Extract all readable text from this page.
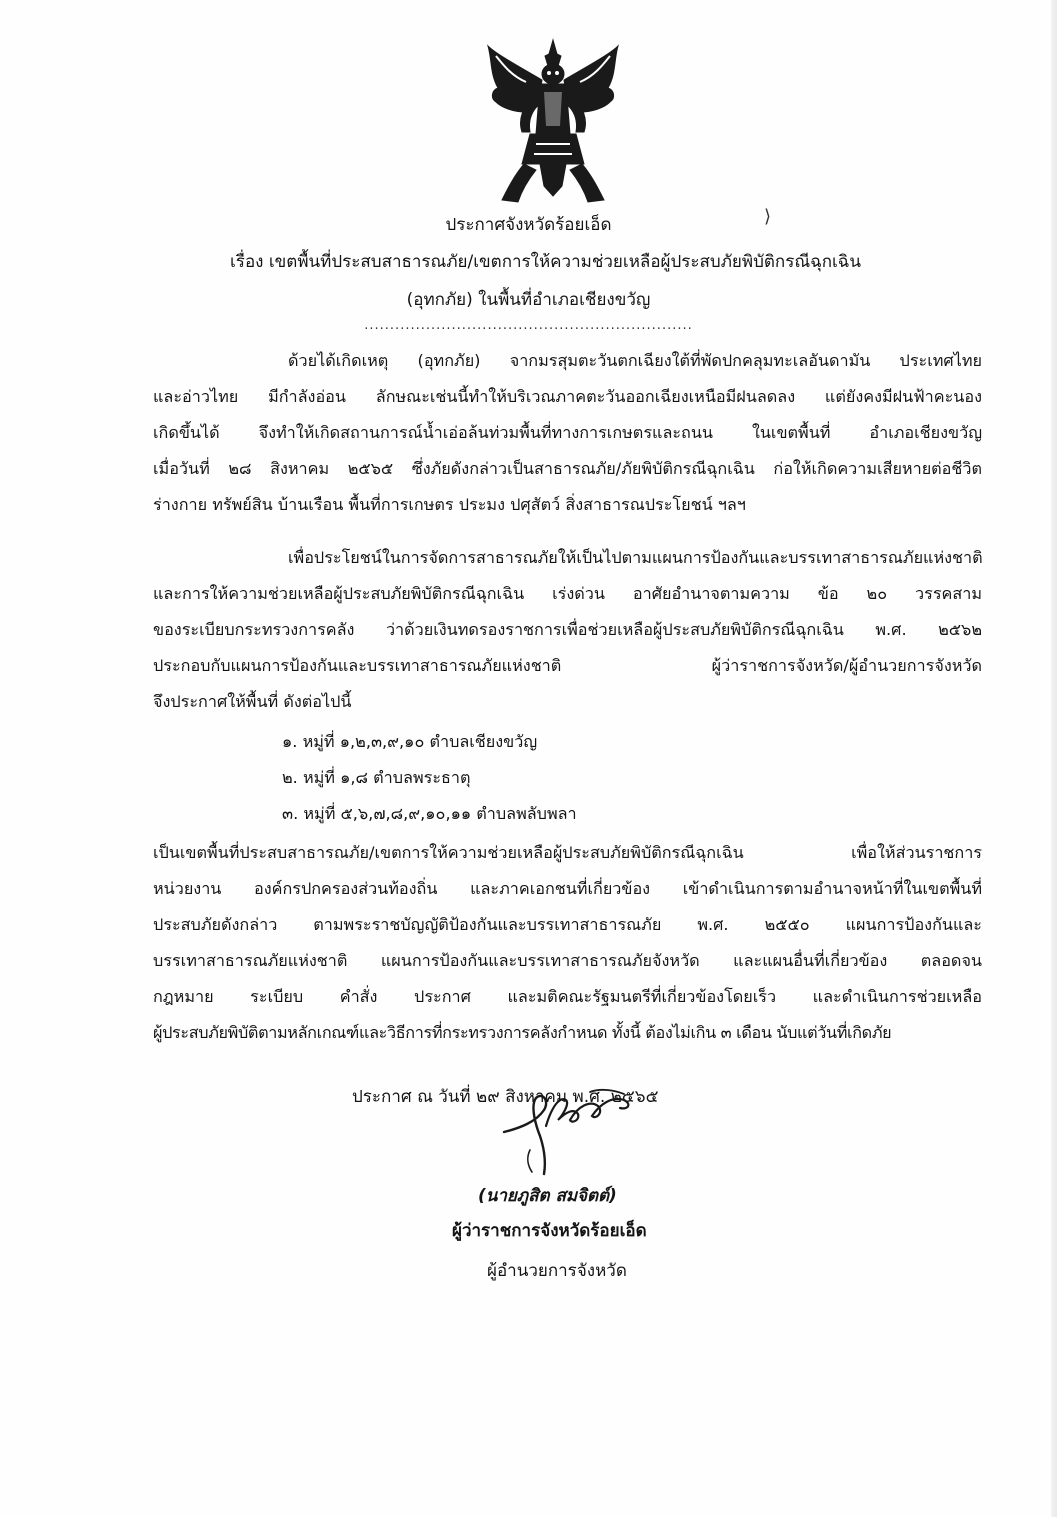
⟩
ประกาศจังหวัดร้อยเอ็ด
เรื่อง เขตพื้นที่ประสบสาธารณภัย/เขตการให้ความช่วยเหลือผู้ประสบภัยพิบัติกรณีฉุกเฉิน
(อุทกภัย) ในพื้นที่อำเภอเชียงขวัญ
................................................................
ด้วยได้เกิดเหตุ (อุทกภัย) จากมรสุมตะวันตกเฉียงใต้ที่พัดปกคลุมทะเลอันดามัน ประเทศไทย
และอ่าวไทย มีกำลังอ่อน ลักษณะเช่นนี้ทำให้บริเวณภาคตะวันออกเฉียงเหนือมีฝนลดลง แต่ยังคงมีฝนฟ้าคะนอง
เกิดขึ้นได้ จึงทำให้เกิดสถานการณ์น้ำเอ่อล้นท่วมพื้นที่ทางการเกษตรและถนน ในเขตพื้นที่ อำเภอเชียงขวัญ
เมื่อวันที่ ๒๘ สิงหาคม ๒๕๖๕ ซึ่งภัยดังกล่าวเป็นสาธารณภัย/ภัยพิบัติกรณีฉุกเฉิน ก่อให้เกิดความเสียหายต่อชีวิต
ร่างกาย ทรัพย์สิน บ้านเรือน พื้นที่การเกษตร ประมง ปศุสัตว์ สิ่งสาธารณประโยชน์ ฯลฯ
เพื่อประโยชน์ในการจัดการสาธารณภัยให้เป็นไปตามแผนการป้องกันและบรรเทาสาธารณภัยแห่งชาติ
และการให้ความช่วยเหลือผู้ประสบภัยพิบัติกรณีฉุกเฉิน เร่งด่วน อาศัยอำนาจตามความ ข้อ ๒๐ วรรคสาม
ของระเบียบกระทรวงการคลัง ว่าด้วยเงินทดรองราชการเพื่อช่วยเหลือผู้ประสบภัยพิบัติกรณีฉุกเฉิน พ.ศ. ๒๕๖๒
ประกอบกับแผนการป้องกันและบรรเทาสาธารณภัยแห่งชาติ ผู้ว่าราชการจังหวัด/ผู้อำนวยการจังหวัด
จึงประกาศให้พื้นที่ ดังต่อไปนี้
๑. หมู่ที่ ๑,๒,๓,๙,๑๐ ตำบลเชียงขวัญ
๒. หมู่ที่ ๑,๘ ตำบลพระธาตุ
๓. หมู่ที่ ๕,๖,๗,๘,๙,๑๐,๑๑ ตำบลพลับพลา
เป็นเขตพื้นที่ประสบสาธารณภัย/เขตการให้ความช่วยเหลือผู้ประสบภัยพิบัติกรณีฉุกเฉิน เพื่อให้ส่วนราชการ
หน่วยงาน องค์กรปกครองส่วนท้องถิ่น และภาคเอกชนที่เกี่ยวข้อง เข้าดำเนินการตามอำนาจหน้าที่ในเขตพื้นที่
ประสบภัยดังกล่าว ตามพระราชบัญญัติป้องกันและบรรเทาสาธารณภัย พ.ศ. ๒๕๕๐ แผนการป้องกันและ
บรรเทาสาธารณภัยแห่งชาติ แผนการป้องกันและบรรเทาสาธารณภัยจังหวัด และแผนอื่นที่เกี่ยวข้อง ตลอดจน
กฎหมาย ระเบียบ คำสั่ง ประกาศ และมติคณะรัฐมนตรีที่เกี่ยวข้องโดยเร็ว และดำเนินการช่วยเหลือ
ผู้ประสบภัยพิบัติตามหลักเกณฑ์และวิธีการที่กระทรวงการคลังกำหนด ทั้งนี้ ต้องไม่เกิน ๓ เดือน นับแต่วันที่เกิดภัย
ประกาศ ณ วันที่ ๒๙ สิงหาคม พ.ศ. ๒๕๖๕
(นายภูสิต สมจิตต์)
ผู้ว่าราชการจังหวัดร้อยเอ็ด
ผู้อำนวยการจังหวัด
